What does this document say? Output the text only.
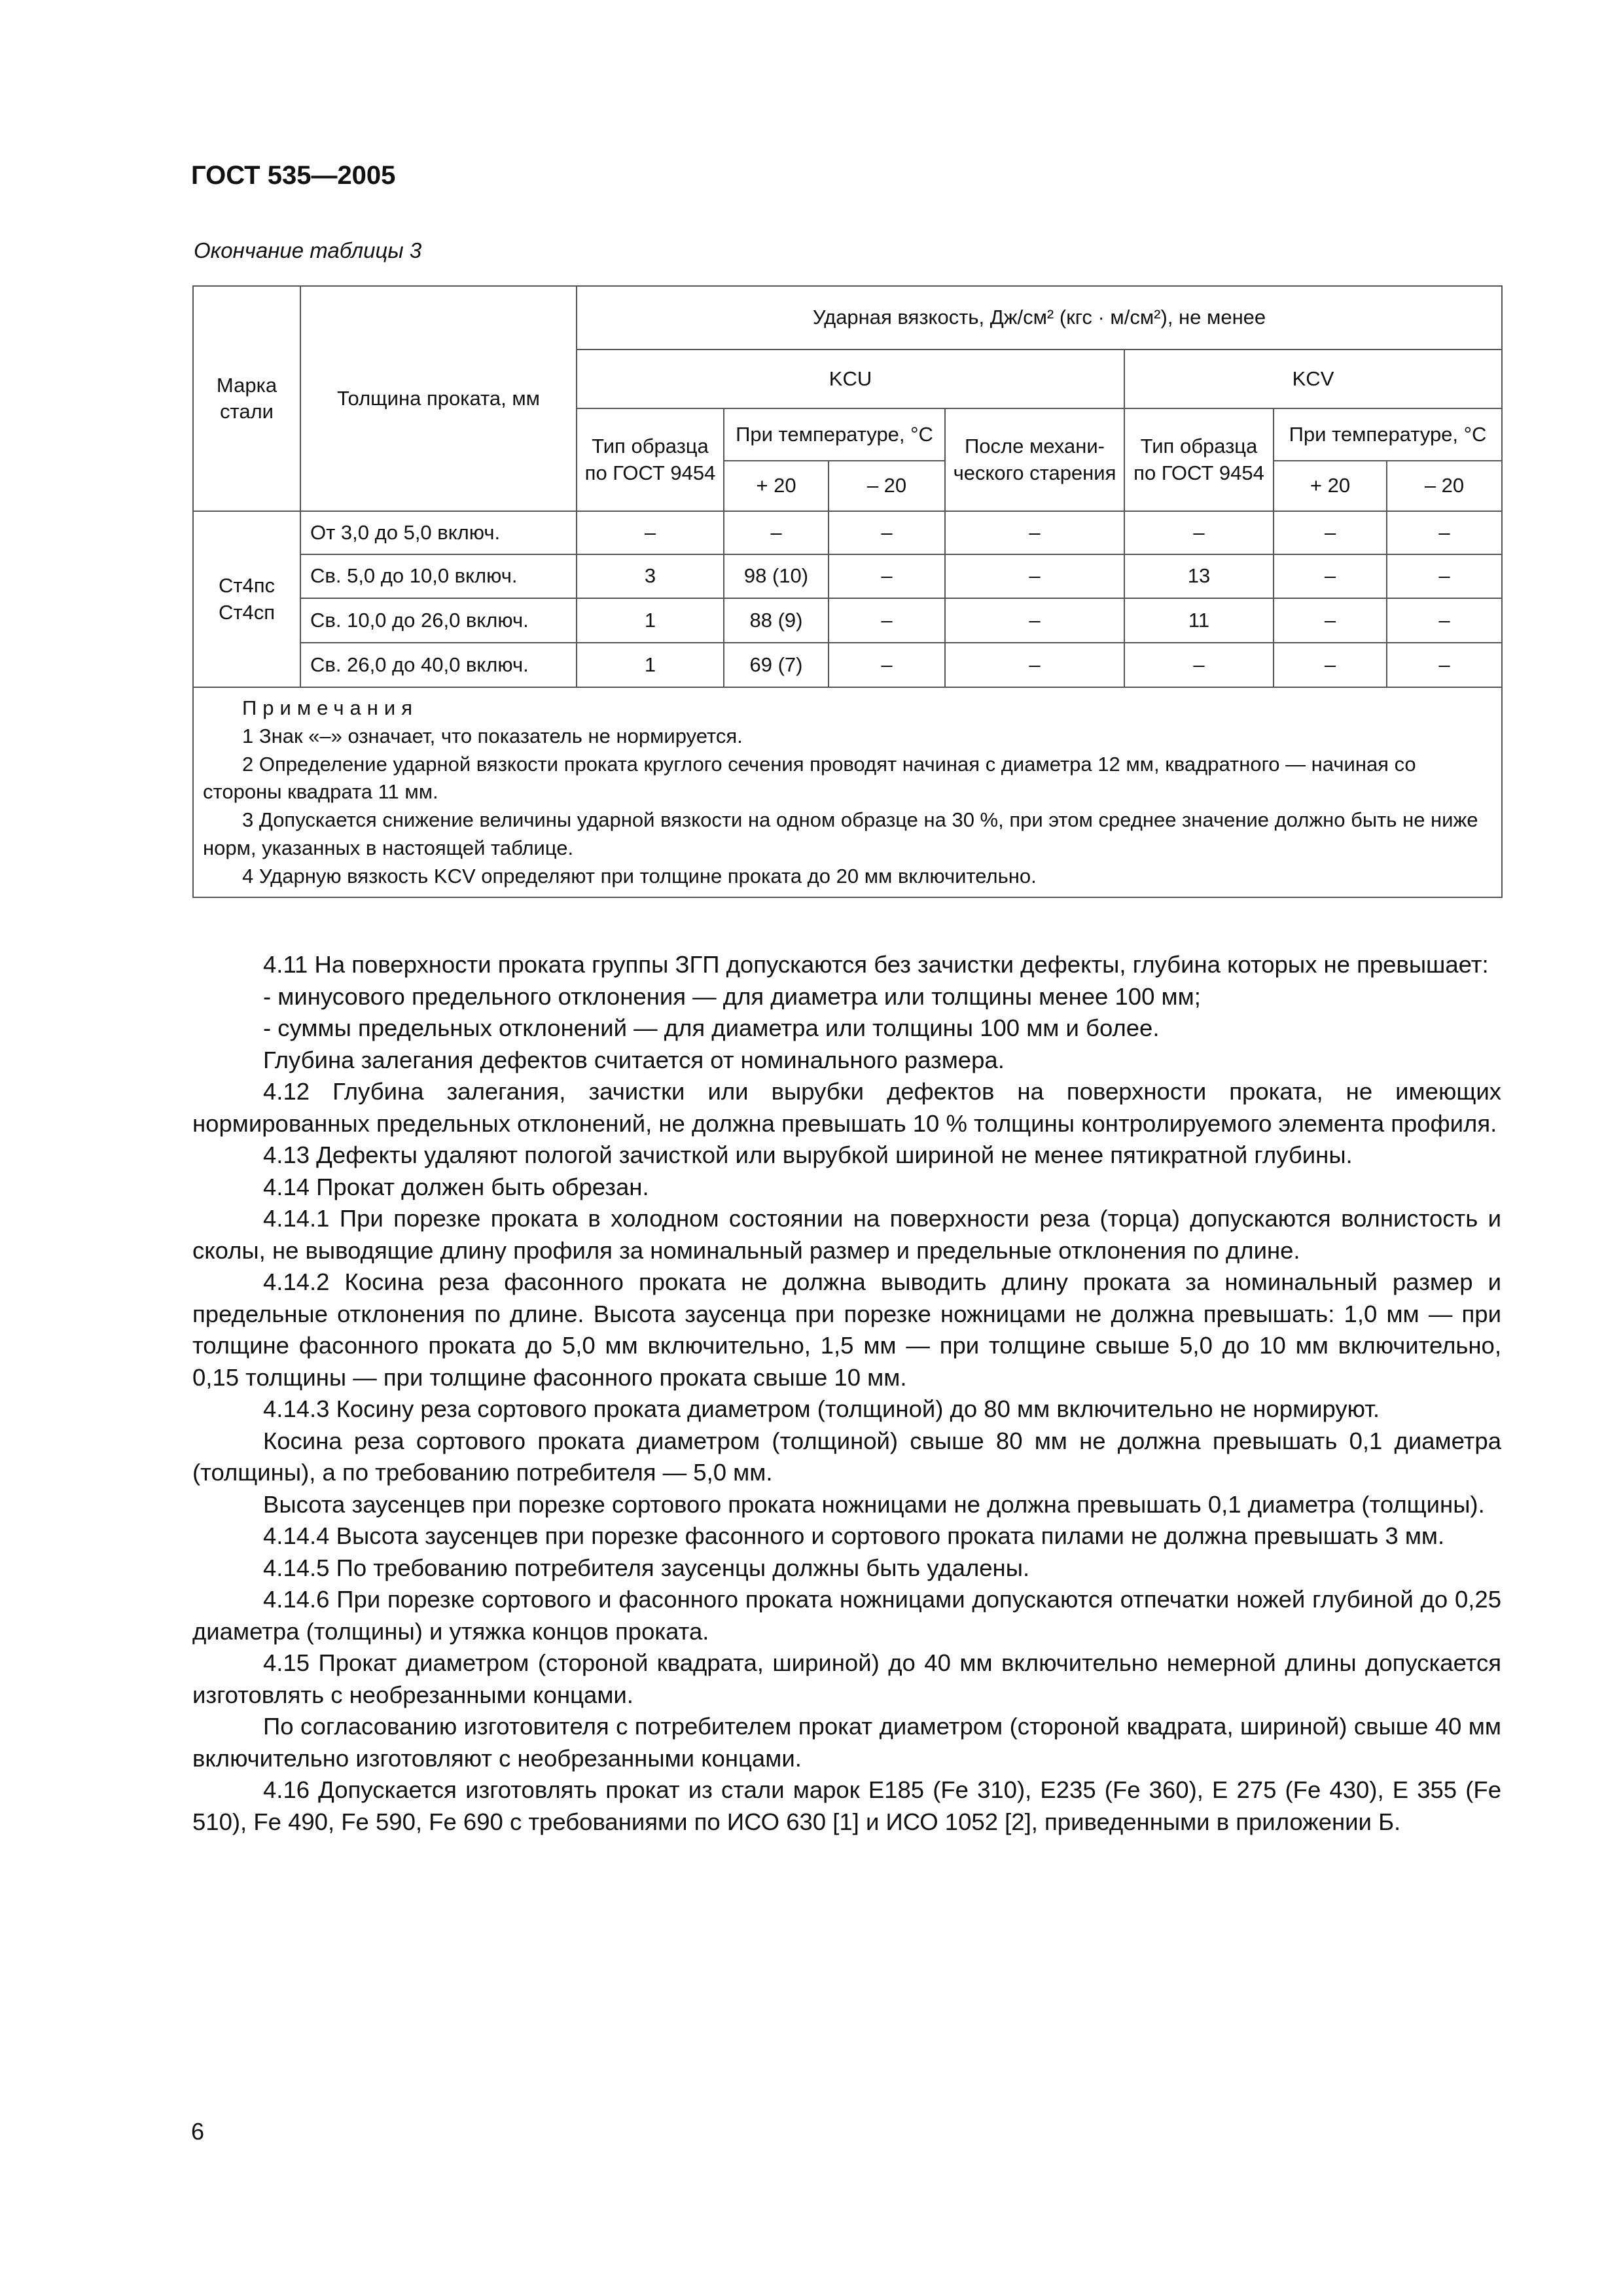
ГОСТ 535—2005
Окончание таблицы 3
Марка стали	Толщина проката, мм	Ударная вязкость, Дж/см² (кгс · м/см²), не менее						
		KCU				KCV		
		Тип образца по ГОСТ 9454	При температуре, °С		После механи-ческого старения	Тип образца по ГОСТ 9454	При температуре, °С	
			+ 20	– 20			+ 20	– 20
Ст4пс Ст4сп	От 3,0 до 5,0 включ.	–	–	–	–	–	–	–
	Св. 5,0 до 10,0 включ.	3	98 (10)	–	–	13	–	–
	Св. 10,0 до 26,0 включ.	1	88 (9)	–	–	11	–	–
	Св. 26,0 до 40,0 включ.	1	69 (7)	–	–	–	–	–

Примечания
1 Знак «–» означает, что показатель не нормируется.
2 Определение ударной вязкости проката круглого сечения проводят начиная с диаметра 12 мм, квадратного — начиная со стороны квадрата 11 мм.
3 Допускается снижение величины ударной вязкости на одном образце на 30 %, при этом среднее значение должно быть не ниже норм, указанных в настоящей таблице.
4 Ударную вязкость KCV определяют при толщине проката до 20 мм включительно.								

4.11 На поверхности проката группы ЗГП допускаются без зачистки дефекты, глубина которых не превышает:

- минусового предельного отклонения — для диаметра или толщины менее 100 мм;

- суммы предельных отклонений — для диаметра или толщины 100 мм и более.

Глубина залегания дефектов считается от номинального размера.

4.12 Глубина залегания, зачистки или вырубки дефектов на поверхности проката, не имеющих нормированных предельных отклонений, не должна превышать 10 % толщины контролируемого элемента профиля.

4.13 Дефекты удаляют пологой зачисткой или вырубкой шириной не менее пятикратной глубины.

4.14 Прокат должен быть обрезан.

4.14.1 При порезке проката в холодном состоянии на поверхности реза (торца) допускаются волнистость и сколы, не выводящие длину профиля за номинальный размер и предельные отклонения по длине.

4.14.2 Косина реза фасонного проката не должна выводить длину проката за номинальный размер и предельные отклонения по длине. Высота заусенца при порезке ножницами не должна превышать: 1,0 мм — при толщине фасонного проката до 5,0 мм включительно, 1,5 мм — при толщине свыше 5,0 до 10 мм включительно, 0,15 толщины — при толщине фасонного проката свыше 10 мм.

4.14.3 Косину реза сортового проката диаметром (толщиной) до 80 мм включительно не нормируют.

Косина реза сортового проката диаметром (толщиной) свыше 80 мм не должна превышать 0,1 диаметра (толщины), а по требованию потребителя — 5,0 мм.

Высота заусенцев при порезке сортового проката ножницами не должна превышать 0,1 диаметра (толщины).

4.14.4 Высота заусенцев при порезке фасонного и сортового проката пилами не должна превышать 3 мм.

4.14.5 По требованию потребителя заусенцы должны быть удалены.

4.14.6 При порезке сортового и фасонного проката ножницами допускаются отпечатки ножей глубиной до 0,25 диаметра (толщины) и утяжка концов проката.

4.15 Прокат диаметром (стороной квадрата, шириной) до 40 мм включительно немерной длины допускается изготовлять с необрезанными концами.

По согласованию изготовителя с потребителем прокат диаметром (стороной квадрата, шириной) свыше 40 мм включительно изготовляют с необрезанными концами.

4.16 Допускается изготовлять прокат из стали марок Е185 (Fe 310), Е235 (Fe 360), Е 275 (Fe 430), Е 355 (Fe 510), Fe 490, Fe 590, Fe 690 с требованиями по ИСО 630 [1] и ИСО 1052 [2], приведенными в приложении Б.

6
